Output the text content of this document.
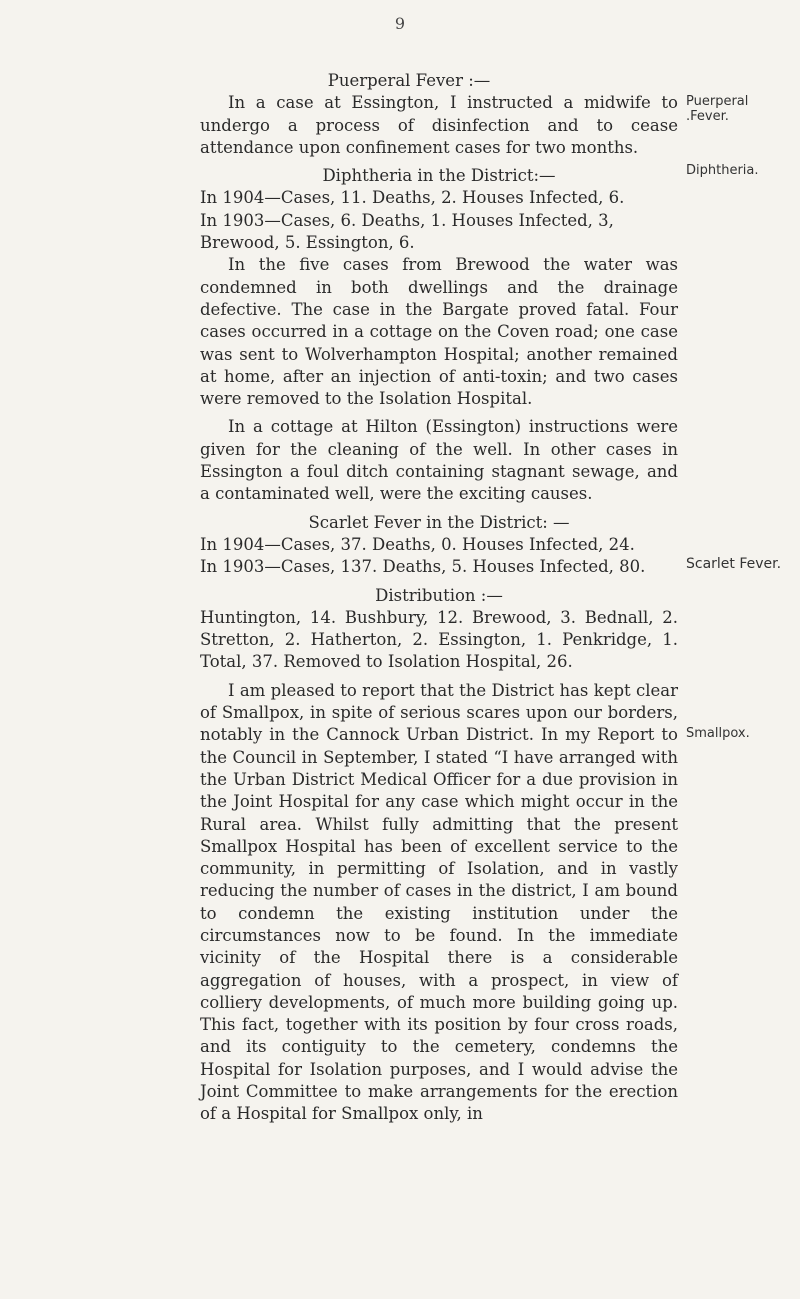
9
Puerperal
.Fever.
Diphtheria.
Scarlet Fever.
Smallpox.

Puerperal Fever :—

In a case at Essington, I instructed a midwife to undergo a process of disinfection and to cease attendance upon confinement cases for two months.

Diphtheria in the District:—

In 1904—Cases, 11. Deaths, 2. Houses Infected, 6.

In 1903—Cases, 6. Deaths, 1. Houses Infected, 3,

Brewood, 5. Essington, 6.

In the five cases from Brewood the water was condemned in both dwellings and the drainage defective. The case in the Bargate proved fatal. Four cases occurred in a cottage on the Coven road; one case was sent to Wolverhampton Hospital; another remained at home, after an injection of anti-toxin; and two cases were removed to the Isolation Hospital.

In a cottage at Hilton (Essington) instructions were given for the cleaning of the well. In other cases in Essington a foul ditch containing stagnant sewage, and a contaminated well, were the exciting causes.

Scarlet Fever in the District: —

In 1904—Cases, 37. Deaths, 0. Houses Infected, 24.

In 1903—Cases, 137. Deaths, 5. Houses Infected, 80.

Distribution :—

Huntington, 14. Bushbury, 12. Brewood, 3. Bednall, 2. Stretton, 2. Hatherton, 2. Essington, 1. Penkridge, 1. Total, 37. Removed to Isolation Hospital, 26.

I am pleased to report that the District has kept clear of Smallpox, in spite of serious scares upon our borders, notably in the Cannock Urban District. In my Report to the Council in September, I stated “I have arranged with the Urban District Medical Officer for a due provision in the Joint Hospital for any case which might occur in the Rural area. Whilst fully admitting that the present Smallpox Hospital has been of excellent service to the community, in permitting of Isolation, and in vastly reducing the number of cases in the district, I am bound to condemn the existing institution under the circumstances now to be found. In the immediate vicinity of the Hospital there is a considerable aggregation of houses, with a prospect, in view of colliery developments, of much more building going up. This fact, together with its position by four cross roads, and its contiguity to the cemetery, condemns the Hospital for Isolation purposes, and I would advise the Joint Committee to make arrangements for the erection of a Hospital for Smallpox only, in
